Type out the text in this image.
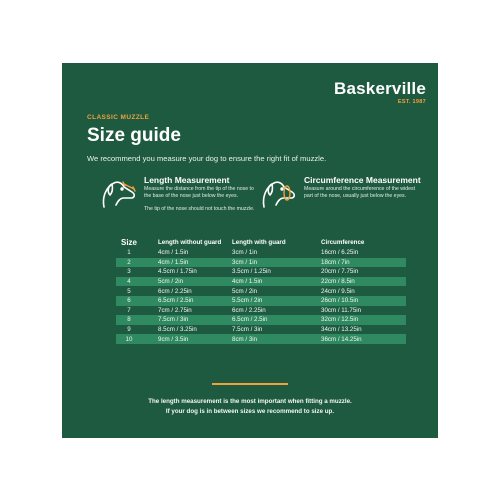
Baskerville
EST. 1987
CLASSIC MUZZLE
Size guide
We recommend you measure your dog to ensure the right fit of muzzle.
Length Measurement
Measure the distance from the tip of the nose to the base of the nose just below the eyes.
The tip of the nose should not touch the muzzle.
Circumference Measurement
Measure around the circumference of the widest part of the nose, usually just below the eyes.
Size	Length without guard	Length with guard	Circumference
1	4cm / 1.5in	3cm / 1in	16cm / 6.25in
2	4cm / 1.5in	3cm / 1in	18cm / 7in
3	4.5cm / 1.75in	3.5cm / 1.25in	20cm / 7.75in
4	5cm / 2in	4cm / 1.5in	22cm / 8.5in
5	6cm / 2.25in	5cm / 2in	24cm / 9.5in
6	6.5cm / 2.5in	5.5cm / 2in	26cm / 10.5in
7	7cm / 2.75in	6cm / 2.25in	30cm / 11.75in
8	7.5cm / 3in	6.5cm / 2.5in	32cm / 12.5in
9	8.5cm / 3.25in	7.5cm / 3in	34cm / 13.25in
10	9cm / 3.5in	8cm / 3in	36cm / 14.25in
The length measurement is the most important when fitting a muzzle.
If your dog is in between sizes we recommend to size up.
